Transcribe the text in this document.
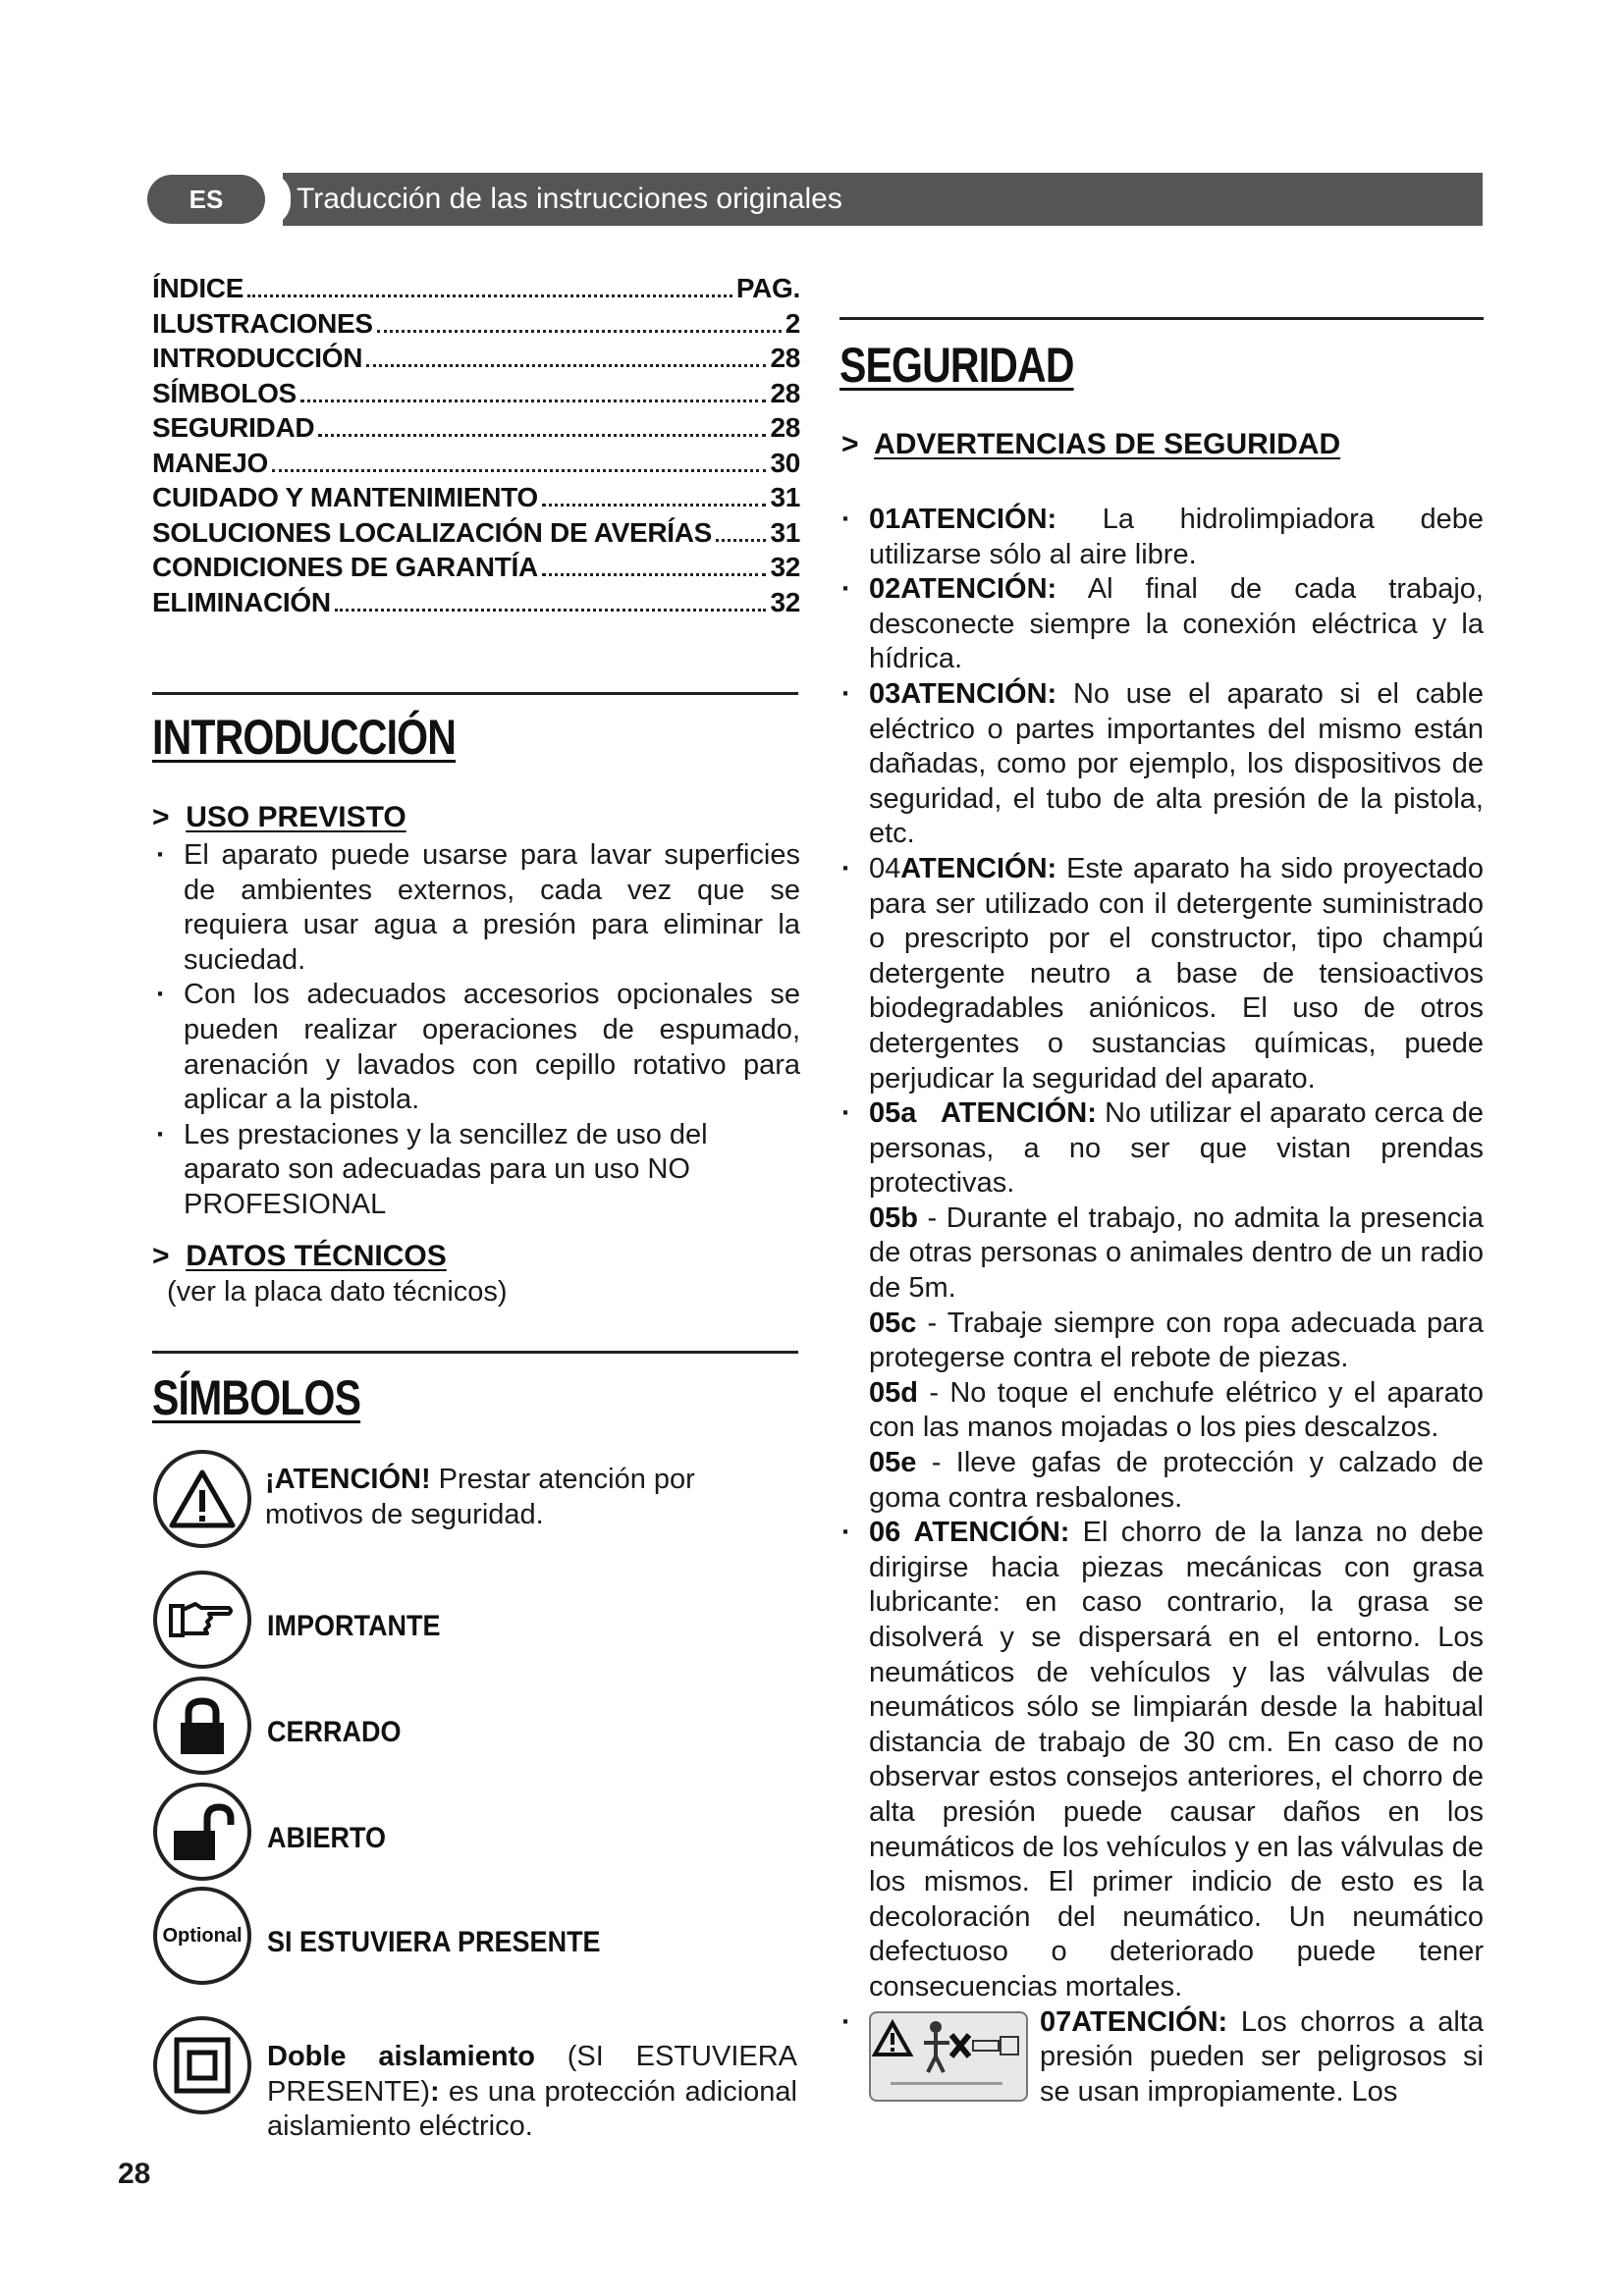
ES	Traducción de las instrucciones originales
ÍNDICE	PAG.
ILUSTRACIONES	2
INTRODUCCIÓN	28
SÍMBOLOS	28
SEGURIDAD	28
MANEJO	30
CUIDADO Y MANTENIMIENTO	31
SOLUCIONES LOCALIZACIÓN DE AVERÍAS 31
CONDICIONES DE GARANTÍA	32
ELIMINACIÓN	32
INTRODUCCIÓN
>  USO PREVISTO
· El aparato puede usarse para lavar superficies de ambientes externos, cada vez que se requiera usar agua a presión para eliminar la suciedad.
· Con los adecuados accesorios opcionales se pueden realizar operaciones de espumado, arenación y lavados con cepillo rotativo para aplicar a la pistola.
· Les prestaciones y la sencillez de uso del aparato son adecuadas para un uso NO PROFESIONAL
>  DATOS TÉCNICOS
(ver la placa dato técnicos)
SÍMBOLOS
¡ATENCIÓN! Prestar atención por motivos de seguridad.
IMPORTANTE
CERRADO
ABIERTO
Optional SI ESTUVIERA PRESENTE
Doble aislamiento (SI ESTUVIERA PRESENTE): es una protección adicional aislamiento eléctrico.
28
SEGURIDAD
>  ADVERTENCIAS DE SEGURIDAD
· 01ATENCIÓN: La hidrolimpiadora debe utilizarse sólo al aire libre.
· 02ATENCIÓN: Al final de cada trabajo, desconecte siempre la conexión eléctrica y la hídrica.
· 03ATENCIÓN: No use el aparato si el cable eléctrico o partes importantes del mismo están dañadas, como por ejemplo, los dispositivos de seguridad, el tubo de alta presión de la pistola, etc.
· 04ATENCIÓN: Este aparato ha sido proyectado para ser utilizado con il detergente suministrado o prescripto por el constructor, tipo champú detergente neutro a base de tensioactivos biodegradables aniónicos. El uso de otros detergentes o sustancias químicas, puede perjudicar la seguridad del aparato.
· 05a ATENCIÓN: No utilizar el aparato cerca de personas, a no ser que vistan prendas protectivas.
05b - Durante el trabajo, no admita la presencia de otras personas o animales dentro de un radio de 5m.
05c - Trabaje siempre con ropa adecuada para protegerse contra el rebote de piezas.
05d - No toque el enchufe elétrico y el aparato con las manos mojadas o los pies descalzos.
05e - Ileve gafas de protección y calzado de goma contra resbalones.
· 06 ATENCIÓN: El chorro de la lanza no debe dirigirse hacia piezas mecánicas con grasa lubricante: en caso contrario, la grasa se disolverá y se dispersará en el entorno. Los neumáticos de vehículos y las válvulas de neumáticos sólo se limpiarán desde la habitual distancia de trabajo de 30 cm. En caso de no observar estos consejos anteriores, el chorro de alta presión puede causar daños en los neumáticos de los vehículos y en las válvulas de los mismos. El primer indicio de esto es la decoloración del neumático. Un neumático defectuoso o deteriorado puede tener consecuencias mortales.
· 07ATENCIÓN: Los chorros a alta presión pueden ser peligrosos si se usan impropiamente. Los
